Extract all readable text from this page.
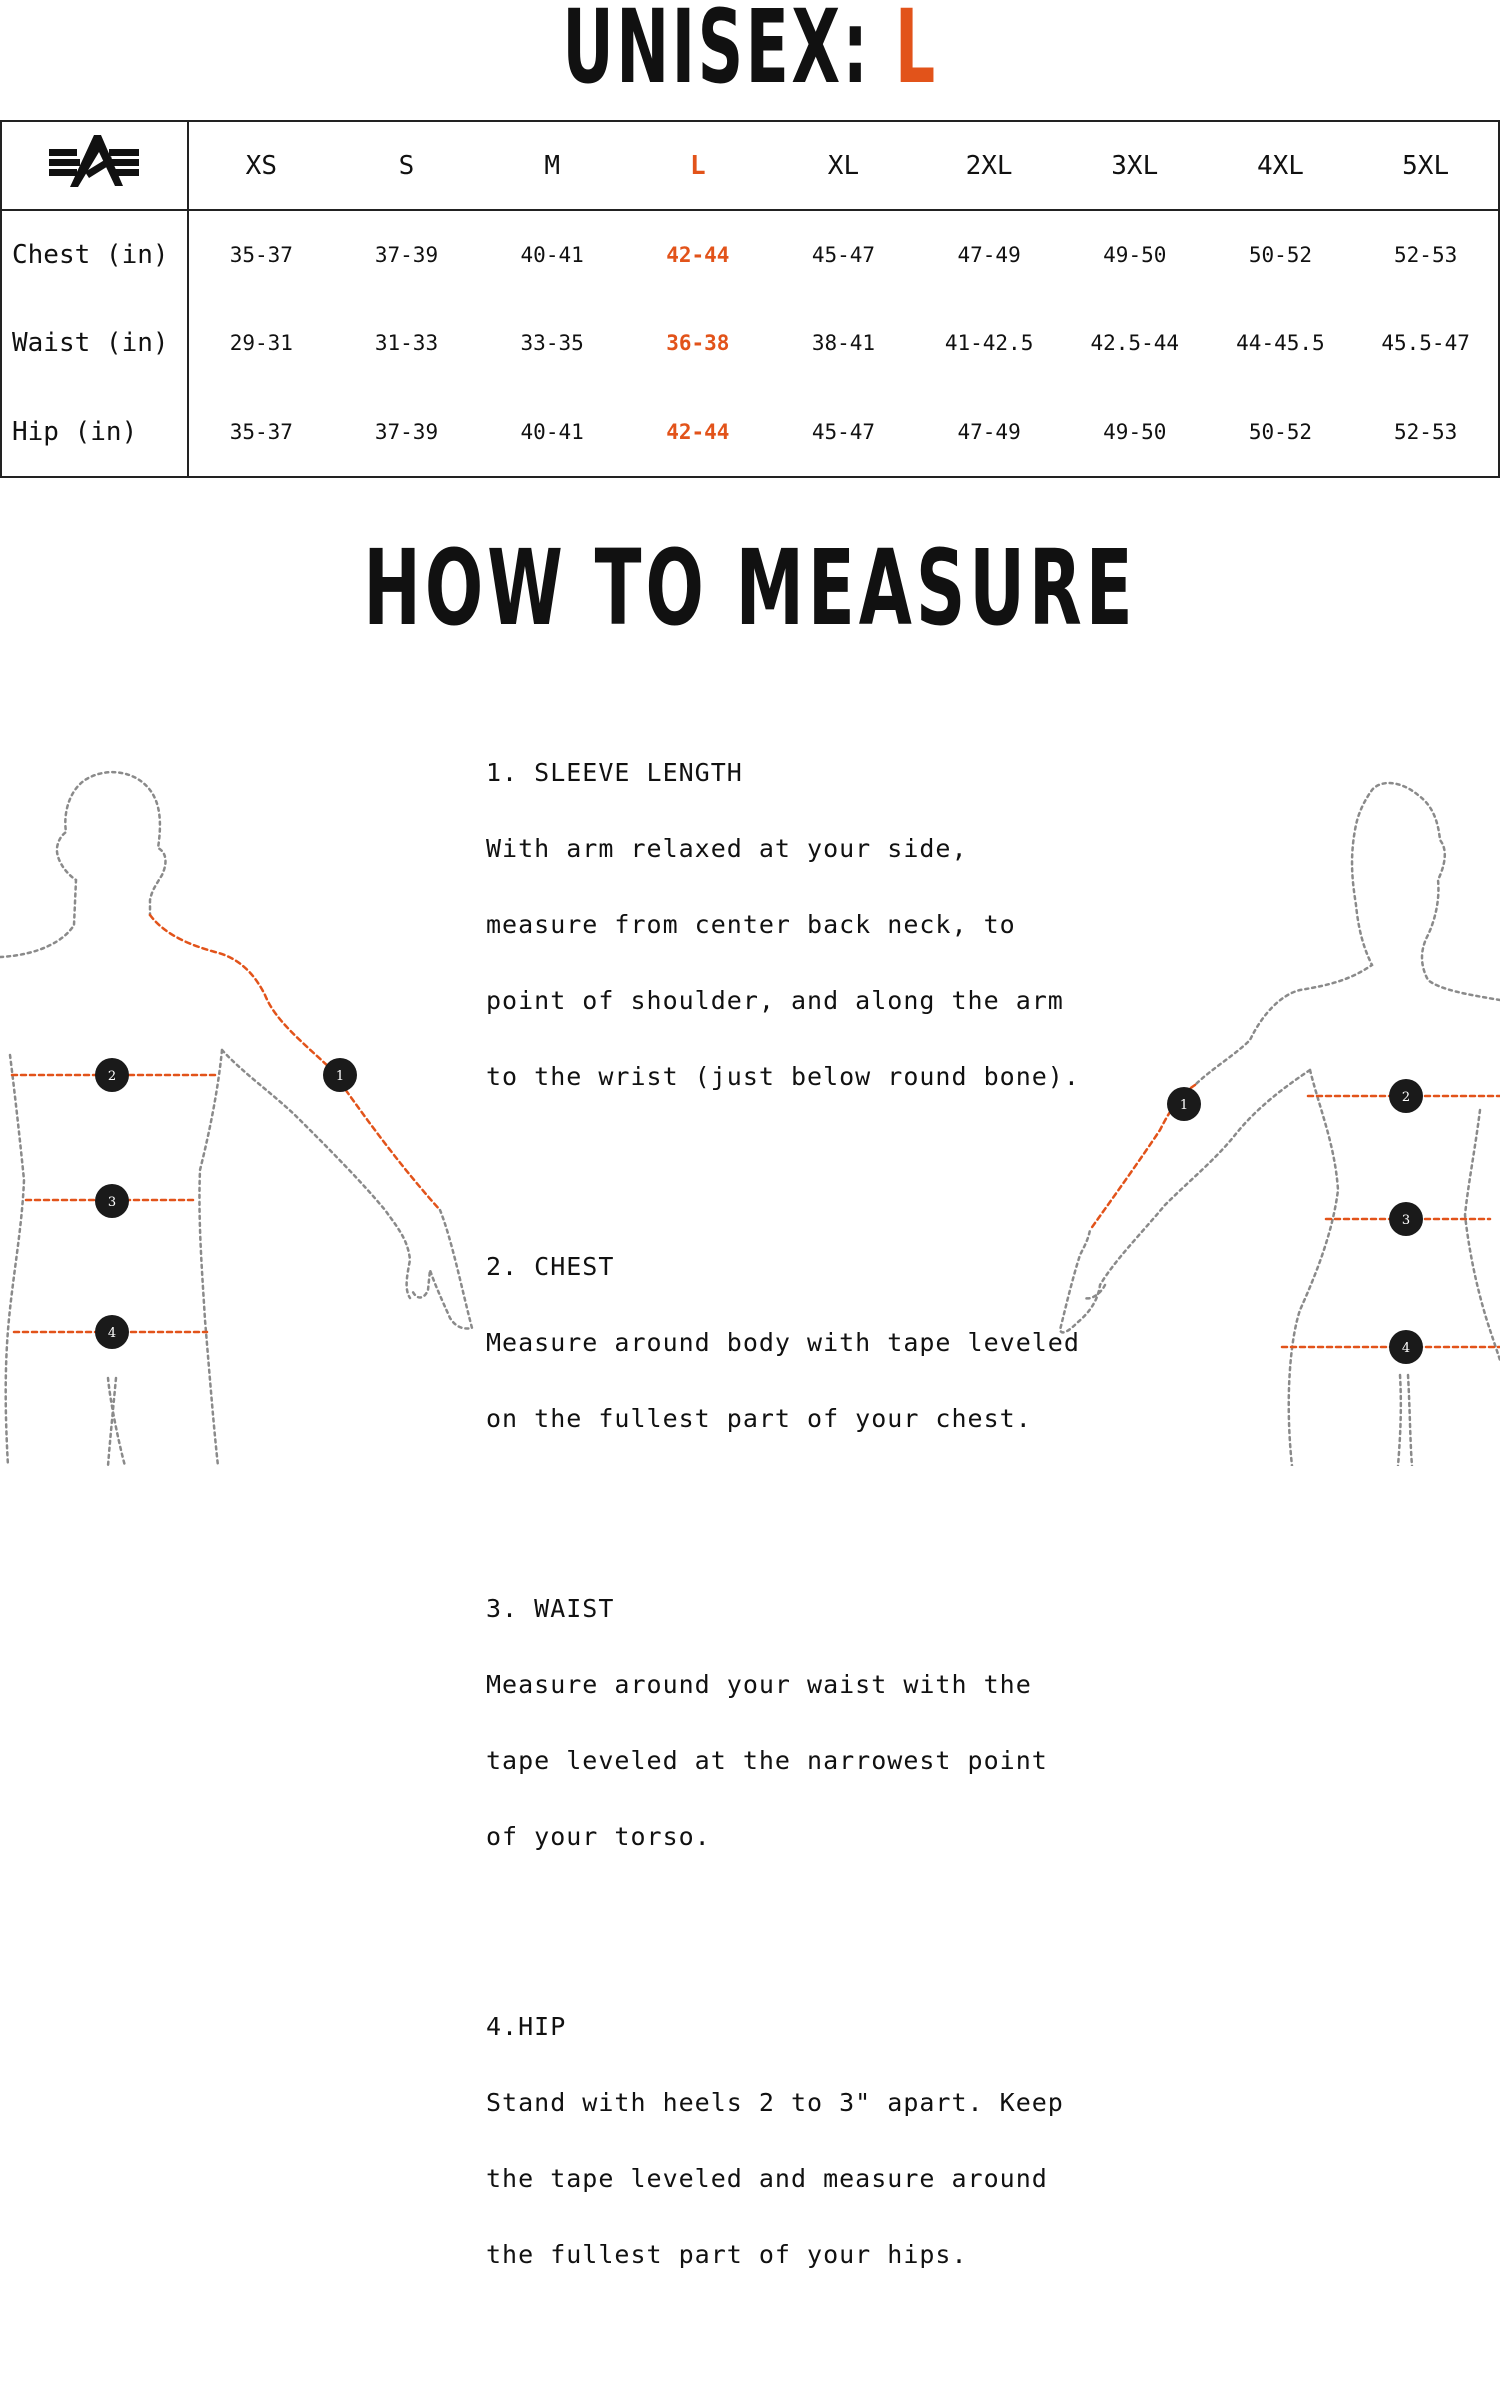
UNISEX: L
	XS	S	M	L	XL	2XL	3XL	4XL	5XL
Chest (in)	35-37	37-39	40-41	42-44	45-47	47-49	49-50	50-52	52-53
Waist (in)	29-31	31-33	33-35	36-38	38-41	41-42.5	42.5-44	44-45.5	45.5-47
Hip (in)	35-37	37-39	40-41	42-44	45-47	47-49	49-50	50-52	52-53
HOW TO MEASURE
1
2
3
4
1
2
3
4

1. SLEEVE LENGTH

With arm relaxed at your side,

measure from center back neck, to

point of shoulder, and along the arm

to the wrist (just below round bone).

2. CHEST

Measure around body with tape leveled

on the fullest part of your chest.

3. WAIST

Measure around your waist with the

tape leveled at the narrowest point

of your torso.

4.HIP

Stand with heels 2 to 3" apart. Keep

the tape leveled and measure around

the fullest part of your hips.
